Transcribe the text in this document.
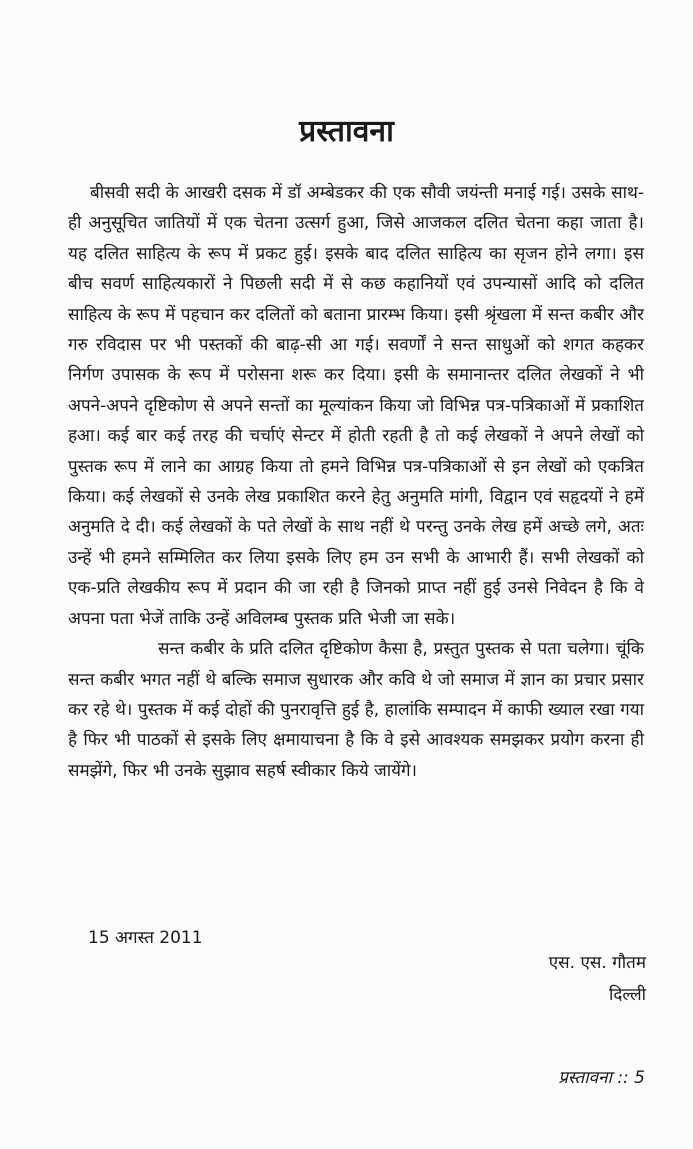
प्रस्तावना

बीसवी सदी के आखरी दसक में डॉ अम्बेडकर की एक सौवी जयंन्ती मनाई गई। उसके साथ-ही अनुसूचित जातियों में एक चेतना उत्सर्ग हुआ, जिसे आजकल दलित चेतना कहा जाता है। यह दलित साहित्य के रूप में प्रकट हुई। इसके बाद दलित साहित्य का सृजन होने लगा। इस बीच सवर्ण साहित्यकारों ने पिछली सदी में से कछ कहानियों एवं उपन्यासों आदि को दलित साहित्य के रूप में पहचान कर दलितों को बताना प्रारम्भ किया। इसी श्रृंखला में सन्त कबीर और गरु रविदास पर भी पस्तकों की बाढ़-सी आ गई। सवर्णों ने सन्त साधुओं को शगत कहकर निर्गण उपासक के रूप में परोसना शरू कर दिया। इसी के समानान्तर दलित लेखकों ने भी अपने-अपने दृष्टिकोण से अपने सन्तों का मूल्यांकन किया जो विभिन्न पत्र-पत्रिकाओं में प्रकाशित हआ। कई बार कई तरह की चर्चाएं सेन्टर में होती रहती है तो कई लेखकों ने अपने लेखों को पुस्तक रूप में लाने का आग्रह किया तो हमने विभिन्न पत्र-पत्रिकाओं से इन लेखों को एकत्रित किया। कई लेखकों से उनके लेख प्रकाशित करने हेतु अनुमति मांगी, विद्वान एवं सहृदयों ने हमें अनुमति दे दी। कई लेखकों के पते लेखों के साथ नहीं थे परन्तु उनके लेख हमें अच्छे लगे, अतः उन्हें भी हमने सम्मिलित कर लिया इसके लिए हम उन सभी के आभारी हैं। सभी लेखकों को एक-प्रति लेखकीय रूप में प्रदान की जा रही है जिनको प्राप्त नहीं हुई उनसे निवेदन है कि वे अपना पता भेजें ताकि उन्हें अविलम्ब पुस्तक प्रति भेजी जा सके।

सन्त कबीर के प्रति दलित दृष्टिकोण कैसा है, प्रस्तुत पुस्तक से पता चलेगा। चूंकि सन्त कबीर भगत नहीं थे बल्कि समाज सुधारक और कवि थे जो समाज में ज्ञान का प्रचार प्रसार कर रहे थे। पुस्तक में कई दोहों की पुनरावृत्ति हुई है, हालांकि सम्पादन में काफी ख्याल रखा गया है फिर भी पाठकों से इसके लिए क्षमायाचना है कि वे इसे आवश्यक समझकर प्रयोग करना ही समझेंगे, फिर भी उनके सुझाव सहर्ष स्वीकार किये जायेंगे।

15 अगस्त 2011
एस. एस. गौतम
दिल्ली
प्रस्तावना :: 5
